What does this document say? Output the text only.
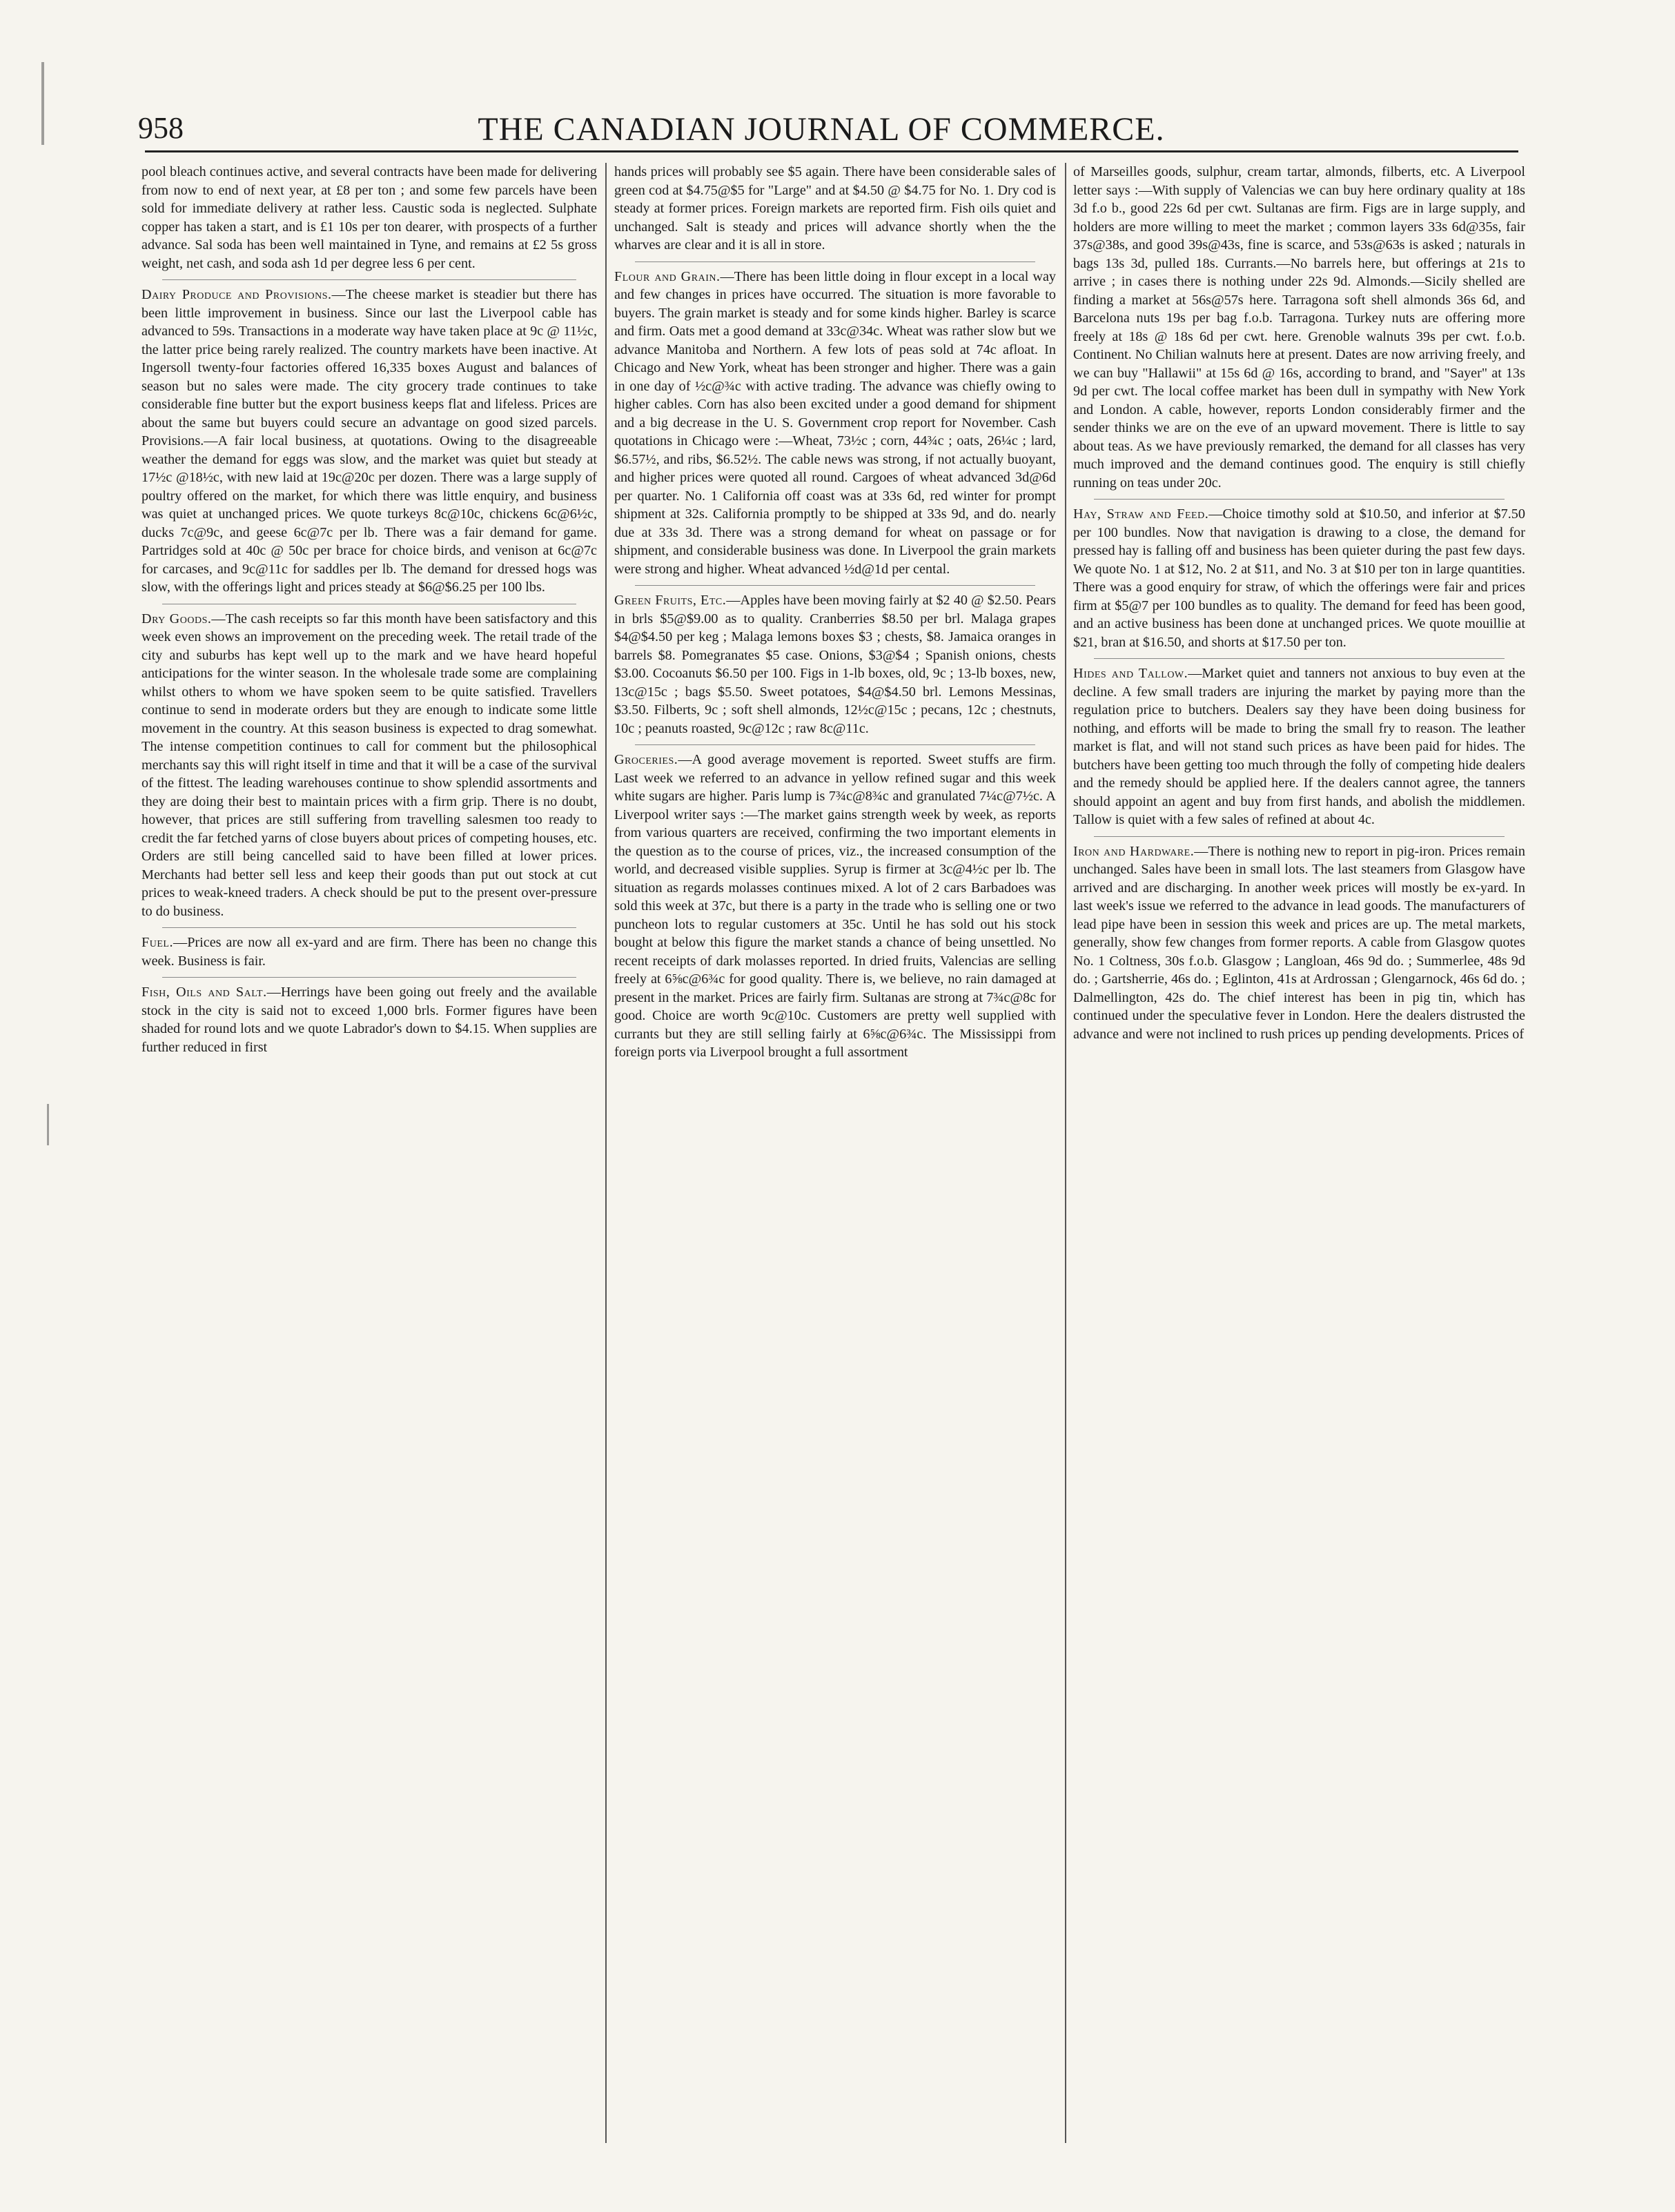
958	THE CANADIAN JOURNAL OF COMMERCE.

pool bleach continues active, and several contracts have been made for delivering from now to end of next year, at £8 per ton ; and some few parcels have been sold for immediate delivery at rather less. Caustic soda is neglected. Sulphate copper has taken a start, and is £1 10s per ton dearer, with prospects of a further advance. Sal soda has been well maintained in Tyne, and remains at £2 5s gross weight, net cash, and soda ash 1d per degree less 6 per cent.

Dairy Produce and Provisions.—The cheese market is steadier but there has been little improvement in business. Since our last the Liverpool cable has advanced to 59s. Transactions in a moderate way have taken place at 9c @ 11½c, the latter price being rarely realized. The country markets have been inactive. At Ingersoll twenty-four factories offered 16,335 boxes August and balances of season but no sales were made. The city grocery trade continues to take considerable fine butter but the export business keeps flat and lifeless. Prices are about the same but buyers could secure an advantage on good sized parcels. Provisions.—A fair local business, at quotations. Owing to the disagreeable weather the demand for eggs was slow, and the market was quiet but steady at 17½c @18½c, with new laid at 19c@20c per dozen. There was a large supply of poultry offered on the market, for which there was little enquiry, and business was quiet at unchanged prices. We quote turkeys 8c@10c, chickens 6c@6½c, ducks 7c@9c, and geese 6c@7c per lb. There was a fair demand for game. Partridges sold at 40c @ 50c per brace for choice birds, and venison at 6c@7c for carcases, and 9c@11c for saddles per lb. The demand for dressed hogs was slow, with the offerings light and prices steady at $6@$6.25 per 100 lbs.

Dry Goods.—The cash receipts so far this month have been satisfactory and this week even shows an improvement on the preceding week. The retail trade of the city and suburbs has kept well up to the mark and we have heard hopeful anticipations for the winter season. In the wholesale trade some are complaining whilst others to whom we have spoken seem to be quite satisfied. Travellers continue to send in moderate orders but they are enough to indicate some little movement in the country. At this season business is expected to drag somewhat. The intense competition continues to call for comment but the philosophical merchants say this will right itself in time and that it will be a case of the survival of the fittest. The leading warehouses continue to show splendid assortments and they are doing their best to maintain prices with a firm grip. There is no doubt, however, that prices are still suffering from travelling salesmen too ready to credit the far fetched yarns of close buyers about prices of competing houses, etc. Orders are still being cancelled said to have been filled at lower prices. Merchants had better sell less and keep their goods than put out stock at cut prices to weak-kneed traders. A check should be put to the present over-pressure to do business.

Fuel.—Prices are now all ex-yard and are firm. There has been no change this week. Business is fair.

Fish, Oils and Salt.—Herrings have been going out freely and the available stock in the city is said not to exceed 1,000 brls. Former figures have been shaded for round lots and we quote Labrador's down to $4.15. When supplies are further reduced in first

hands prices will probably see $5 again. There have been considerable sales of green cod at $4.75@$5 for "Large" and at $4.50 @ $4.75 for No. 1. Dry cod is steady at former prices. Foreign markets are reported firm. Fish oils quiet and unchanged. Salt is steady and prices will advance shortly when the the wharves are clear and it is all in store.

Flour and Grain.—There has been little doing in flour except in a local way and few changes in prices have occurred. The situation is more favorable to buyers. The grain market is steady and for some kinds higher. Barley is scarce and firm. Oats met a good demand at 33c@34c. Wheat was rather slow but we advance Manitoba and Northern. A few lots of peas sold at 74c afloat. In Chicago and New York, wheat has been stronger and higher. There was a gain in one day of ½c@¾c with active trading. The advance was chiefly owing to higher cables. Corn has also been excited under a good demand for shipment and a big decrease in the U. S. Government crop report for November. Cash quotations in Chicago were :—Wheat, 73½c ; corn, 44¾c ; oats, 26¼c ; lard, $6.57½, and ribs, $6.52½. The cable news was strong, if not actually buoyant, and higher prices were quoted all round. Cargoes of wheat advanced 3d@6d per quarter. No. 1 California off coast was at 33s 6d, red winter for prompt shipment at 32s. California promptly to be shipped at 33s 9d, and do. nearly due at 33s 3d. There was a strong demand for wheat on passage or for shipment, and considerable business was done. In Liverpool the grain markets were strong and higher. Wheat advanced ½d@1d per cental.

Green Fruits, Etc.—Apples have been moving fairly at $2 40 @ $2.50. Pears in brls $5@$9.00 as to quality. Cranberries $8.50 per brl. Malaga grapes $4@$4.50 per keg ; Malaga lemons boxes $3 ; chests, $8. Jamaica oranges in barrels $8. Pomegranates $5 case. Onions, $3@$4 ; Spanish onions, chests $3.00. Cocoanuts $6.50 per 100. Figs in 1-lb boxes, old, 9c ; 13-lb boxes, new, 13c@15c ; bags $5.50. Sweet potatoes, $4@$4.50 brl. Lemons Messinas, $3.50. Filberts, 9c ; soft shell almonds, 12½c@15c ; pecans, 12c ; chestnuts, 10c ; peanuts roasted, 9c@12c ; raw 8c@11c.

Groceries.—A good average movement is reported. Sweet stuffs are firm. Last week we referred to an advance in yellow refined sugar and this week white sugars are higher. Paris lump is 7¾c@8¾c and granulated 7¼c@7½c. A Liverpool writer says :—The market gains strength week by week, as reports from various quarters are received, confirming the two important elements in the question as to the course of prices, viz., the increased consumption of the world, and decreased visible supplies. Syrup is firmer at 3c@4½c per lb. The situation as regards molasses continues mixed. A lot of 2 cars Barbadoes was sold this week at 37c, but there is a party in the trade who is selling one or two puncheon lots to regular customers at 35c. Until he has sold out his stock bought at below this figure the market stands a chance of being unsettled. No recent receipts of dark molasses reported. In dried fruits, Valencias are selling freely at 6⅝c@6¾c for good quality. There is, we believe, no rain damaged at present in the market. Prices are fairly firm. Sultanas are strong at 7¾c@8c for good. Choice are worth 9c@10c. Customers are pretty well supplied with currants but they are still selling fairly at 6⅝c@6¾c. The Mississippi from foreign ports via Liverpool brought a full assortment

of Marseilles goods, sulphur, cream tartar, almonds, filberts, etc. A Liverpool letter says :—With supply of Valencias we can buy here ordinary quality at 18s 3d f.o b., good 22s 6d per cwt. Sultanas are firm. Figs are in large supply, and holders are more willing to meet the market ; common layers 33s 6d@35s, fair 37s@38s, and good 39s@43s, fine is scarce, and 53s@63s is asked ; naturals in bags 13s 3d, pulled 18s. Currants.—No barrels here, but offerings at 21s to arrive ; in cases there is nothing under 22s 9d. Almonds.—Sicily shelled are finding a market at 56s@57s here. Tarragona soft shell almonds 36s 6d, and Barcelona nuts 19s per bag f.o.b. Tarragona. Turkey nuts are offering more freely at 18s @ 18s 6d per cwt. here. Grenoble walnuts 39s per cwt. f.o.b. Continent. No Chilian walnuts here at present. Dates are now arriving freely, and we can buy "Hallawii" at 15s 6d @ 16s, according to brand, and "Sayer" at 13s 9d per cwt. The local coffee market has been dull in sympathy with New York and London. A cable, however, reports London considerably firmer and the sender thinks we are on the eve of an upward movement. There is little to say about teas. As we have previously remarked, the demand for all classes has very much improved and the demand continues good. The enquiry is still chiefly running on teas under 20c.

Hay, Straw and Feed.—Choice timothy sold at $10.50, and inferior at $7.50 per 100 bundles. Now that navigation is drawing to a close, the demand for pressed hay is falling off and business has been quieter during the past few days. We quote No. 1 at $12, No. 2 at $11, and No. 3 at $10 per ton in large quantities. There was a good enquiry for straw, of which the offerings were fair and prices firm at $5@7 per 100 bundles as to quality. The demand for feed has been good, and an active business has been done at unchanged prices. We quote mouillie at $21, bran at $16.50, and shorts at $17.50 per ton.

Hides and Tallow.—Market quiet and tanners not anxious to buy even at the decline. A few small traders are injuring the market by paying more than the regulation price to butchers. Dealers say they have been doing business for nothing, and efforts will be made to bring the small fry to reason. The leather market is flat, and will not stand such prices as have been paid for hides. The butchers have been getting too much through the folly of competing hide dealers and the remedy should be applied here. If the dealers cannot agree, the tanners should appoint an agent and buy from first hands, and abolish the middlemen. Tallow is quiet with a few sales of refined at about 4c.

Iron and Hardware.—There is nothing new to report in pig-iron. Prices remain unchanged. Sales have been in small lots. The last steamers from Glasgow have arrived and are discharging. In another week prices will mostly be ex-yard. In last week's issue we referred to the advance in lead goods. The manufacturers of lead pipe have been in session this week and prices are up. The metal markets, generally, show few changes from former reports. A cable from Glasgow quotes No. 1 Coltness, 30s f.o.b. Glasgow ; Langloan, 46s 9d do. ; Summerlee, 48s 9d do. ; Gartsherrie, 46s do. ; Eglinton, 41s at Ardrossan ; Glengarnock, 46s 6d do. ; Dalmellington, 42s do. The chief interest has been in pig tin, which has continued under the speculative fever in London. Here the dealers distrusted the advance and were not inclined to rush prices up pending developments. Prices of
